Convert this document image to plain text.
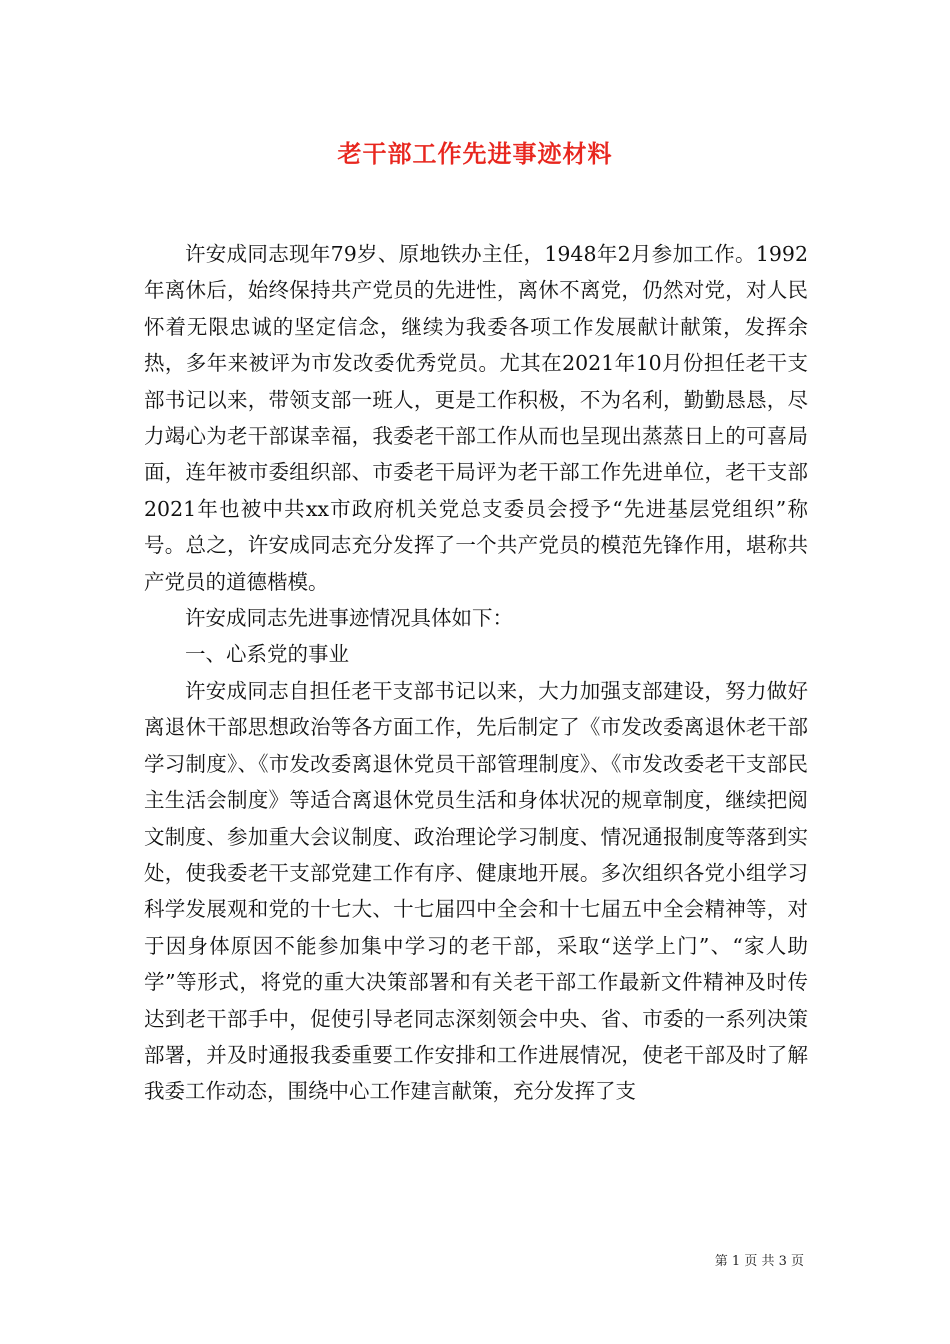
老干部工作先进事迹材料

许安成同志现年79岁、原地铁办主任，1948年2月参加工作。1992年离休后，始终保持共产党员的先进性，离休不离党，仍然对党，对人民怀着无限忠诚的坚定信念，继续为我委各项工作发展献计献策，发挥余热，多年来被评为市发改委优秀党员。尤其在2021年10月份担任老干支部书记以来，带领支部一班人，更是工作积极，不为名利，勤勤恳恳，尽力竭心为老干部谋幸福，我委老干部工作从而也呈现出蒸蒸日上的可喜局面，连年被市委组织部、市委老干局评为老干部工作先进单位，老干支部2021年也被中共xx市政府机关党总支委员会授予“先进基层党组织”称号。总之，许安成同志充分发挥了一个共产党员的模范先锋作用，堪称共产党员的道德楷模。

许安成同志先进事迹情况具体如下：

一、心系党的事业

许安成同志自担任老干支部书记以来，大力加强支部建设，努力做好离退休干部思想政治等各方面工作，先后制定了《市发改委离退休老干部学习制度》、《市发改委离退休党员干部管理制度》、《市发改委老干支部民主生活会制度》等适合离退休党员生活和身体状况的规章制度，继续把阅文制度、参加重大会议制度、政治理论学习制度、情况通报制度等落到实处，使我委老干支部党建工作有序、健康地开展。多次组织各党小组学习科学发展观和党的十七大、十七届四中全会和十七届五中全会精神等，对于因身体原因不能参加集中学习的老干部，采取“送学上门”、“家人助学”等形式，将党的重大决策部署和有关老干部工作最新文件精神及时传达到老干部手中，促使引导老同志深刻领会中央、省、市委的一系列决策部署，并及时通报我委重要工作安排和工作进展情况，使老干部及时了解我委工作动态，围绕中心工作建言献策，充分发挥了支

第 1 页 共 3 页
